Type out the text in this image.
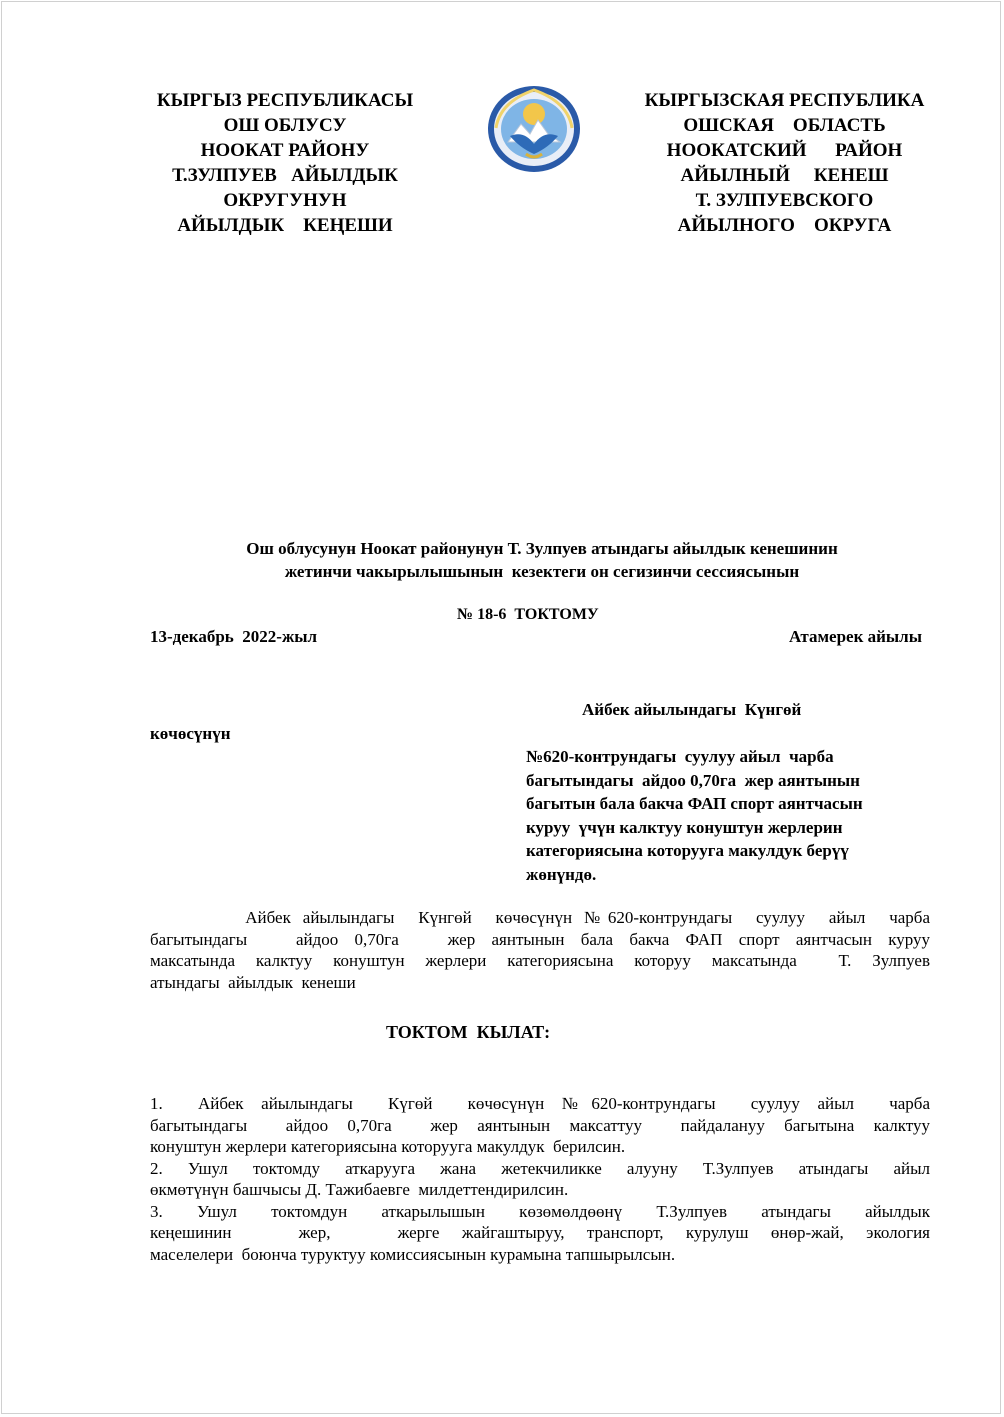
КЫРГЫЗ РЕСПУБЛИКАСЫ
ОШ ОБЛУСУ
НООКАТ РАЙОНУ
Т.ЗУЛПУЕВ   АЙЫЛДЫК
ОКРУГУНУН
АЙЫЛДЫК    КЕҢЕШИ
КЫРГЫЗСКАЯ РЕСПУБЛИКА
ОШСКАЯ    ОБЛАСТЬ
НООКАТСКИЙ      РАЙОН
АЙЫЛНЫЙ     КЕНЕШ
Т. ЗУЛПУЕВСКОГО
АЙЫЛНОГО    ОКРУГА
Ош облусунун Ноокат районунун Т. Зулпуев атындагы айылдык кенешинин
жетинчи чакырылышынын  кезектеги он сегизинчи сессиясынын
№ 18-6  ТОКТОМУ
13-декабрь  2022-жыл	Атамерек айылы
Айбек айылындагы  Күнгөй
көчөсүнүн
№620-контрундагы  суулуу айыл  чарба
багытындагы  айдоо 0,70га  жер аянтынын
багытын бала бакча ФАП спорт аянтчасын
куруу  үчүн калктуу конуштун жерлерин
категориясына которууга макулдук берүү
жөнүндө.
Айбек айылындагы  Күнгөй  көчөсүнүн №620-контрундагы  суулуу  айыл  чарба
багытындагы   айдоо 0,70га   жер аянтынын бала бакча ФАП спорт аянтчасын куруу
максатында калктуу конуштун жерлери категориясына которуу максатында  Т. Зулпуев
атындагы  айылдык  кенеши
ТОКТОМ  КЫЛАТ:
1.  Айбек айылындагы  Күгөй  көчөсүнүн №620-контрундагы  суулуу айыл  чарба
багытындагы  айдоо 0,70га  жер аянтынын максаттуу  пайдалануу багытына калктуу
конуштун жерлери категориясына которууга макулдук  берилсин.
2. Ушул токтомду аткарууга жана жетекчиликке алууну Т.Зулпуев атындагы айыл
өкмөтүнүн башчысы Д. Тажибаевге  милдеттендирилсин.
3. Ушул токтомдун аткарылышын көзөмөлдөөнү Т.Зулпуев атындагы айылдык
кеңешинин   жер,   жерге жайгаштыруу, транспорт, курулуш өнөр-жай, экология
маселелери  боюнча туруктуу комиссиясынын курамына тапшырылсын.
